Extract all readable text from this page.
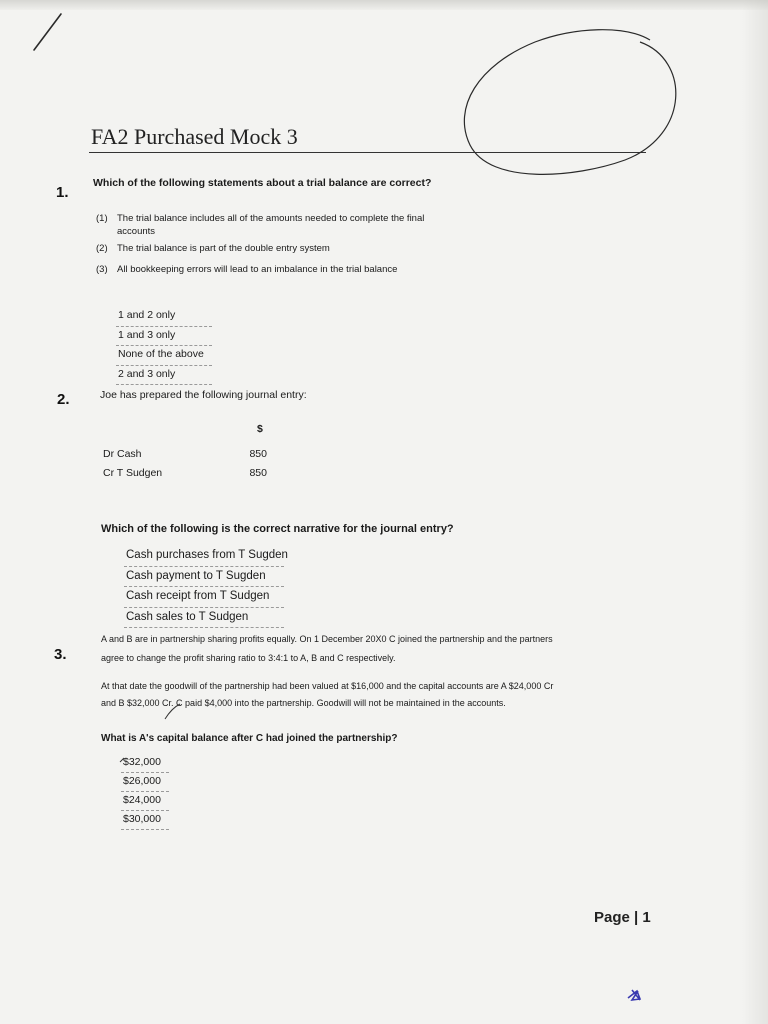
FA2 Purchased Mock 3
1.
Which of the following statements about a trial balance are correct?
(1) The trial balance includes all of the amounts needed to complete the final
accounts
(2) The trial balance is part of the double entry system
(3) All bookkeeping errors will lead to an imbalance in the trial balance
1 and 2 only
1 and 3 only
None of the above
2 and 3 only
2.	Joe has prepared the following journal entry:
$
Dr Cash	850
Cr T Sudgen	850
Which of the following is the correct narrative for the journal entry?
Cash purchases from T Sugden
Cash payment to T Sugden
Cash receipt from T Sudgen
Cash sales to T Sudgen
3.
A and B are in partnership sharing profits equally. On 1 December 20X0 C joined the partnership and the partners
agree to change the profit sharing ratio to 3:4:1 to A, B and C respectively.
At that date the goodwill of the partnership had been valued at $16,000 and the capital accounts are A $24,000 Cr
and B $32,000 Cr. C paid $4,000 into the partnership. Goodwill will not be maintained in the accounts.
What is A's capital balance after C had joined the partnership?
$32,000
$26,000
$24,000
$30,000
Page | 1
